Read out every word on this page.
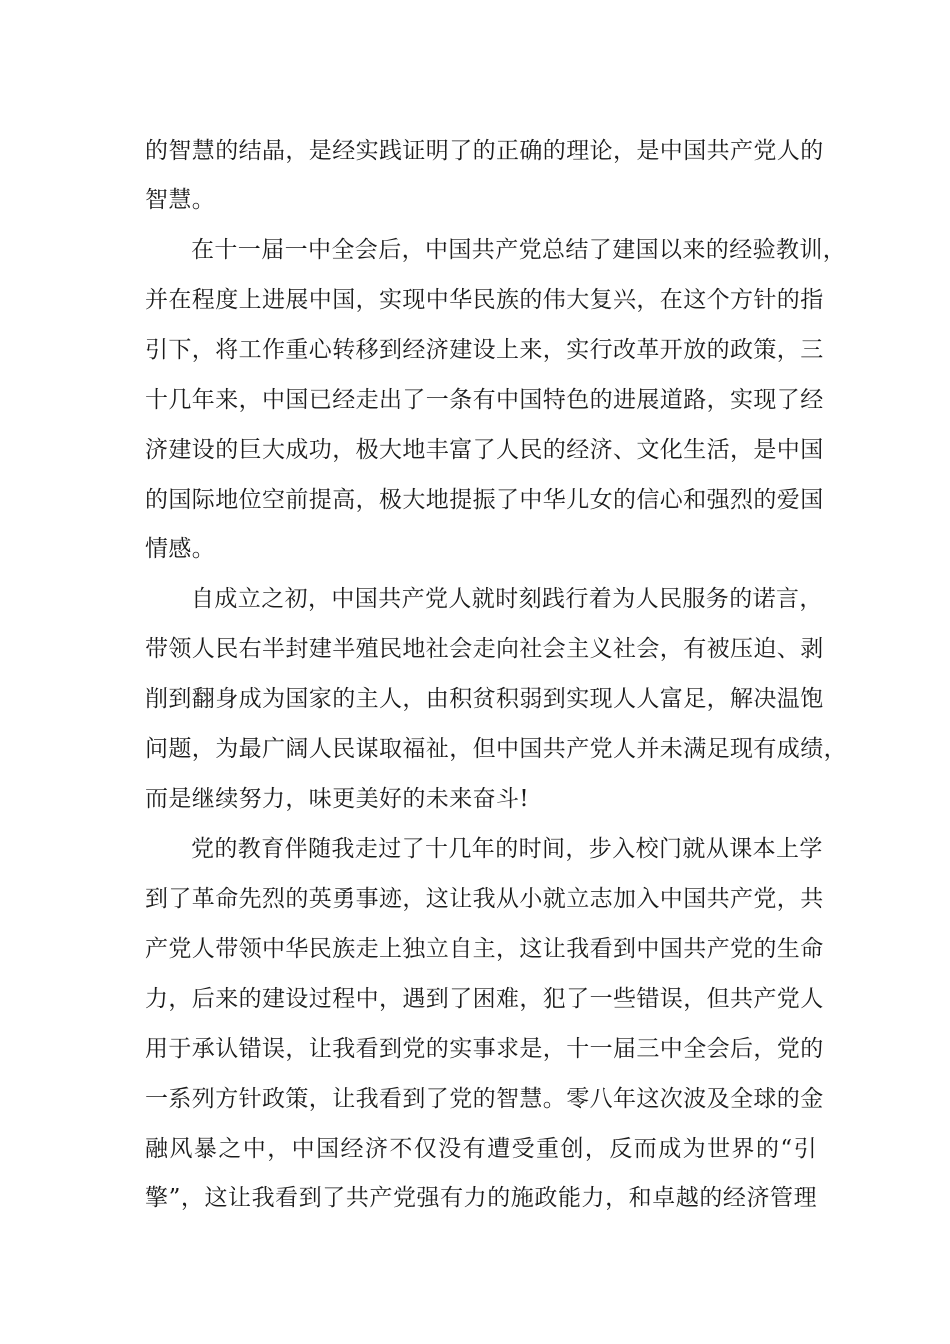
的智慧的结晶，是经实践证明了的正确的理论，是中国共产党人的
智慧。
在十一届一中全会后，中国共产党总结了建国以来的经验教训，
并在程度上进展中国，实现中华民族的伟大复兴，在这个方针的指
引下，将工作重心转移到经济建设上来，实行改革开放的政策，三
十几年来，中国已经走出了一条有中国特色的进展道路，实现了经
济建设的巨大成功，极大地丰富了人民的经济、文化生活，是中国
的国际地位空前提高，极大地提振了中华儿女的信心和强烈的爱国
情感。
自成立之初，中国共产党人就时刻践行着为人民服务的诺言，
带领人民右半封建半殖民地社会走向社会主义社会，有被压迫、剥
削到翻身成为国家的主人，由积贫积弱到实现人人富足，解决温饱
问题，为最广阔人民谋取福祉，但中国共产党人并未满足现有成绩，
而是继续努力，味更美好的未来奋斗!
党的教育伴随我走过了十几年的时间，步入校门就从课本上学
到了革命先烈的英勇事迹，这让我从小就立志加入中国共产党，共
产党人带领中华民族走上独立自主，这让我看到中国共产党的生命
力，后来的建设过程中，遇到了困难，犯了一些错误，但共产党人
用于承认错误，让我看到党的实事求是，十一届三中全会后，党的
一系列方针政策，让我看到了党的智慧。零八年这次波及全球的金
融风暴之中，中国经济不仅没有遭受重创，反而成为世界的“引
擎”，这让我看到了共产党强有力的施政能力，和卓越的经济管理
